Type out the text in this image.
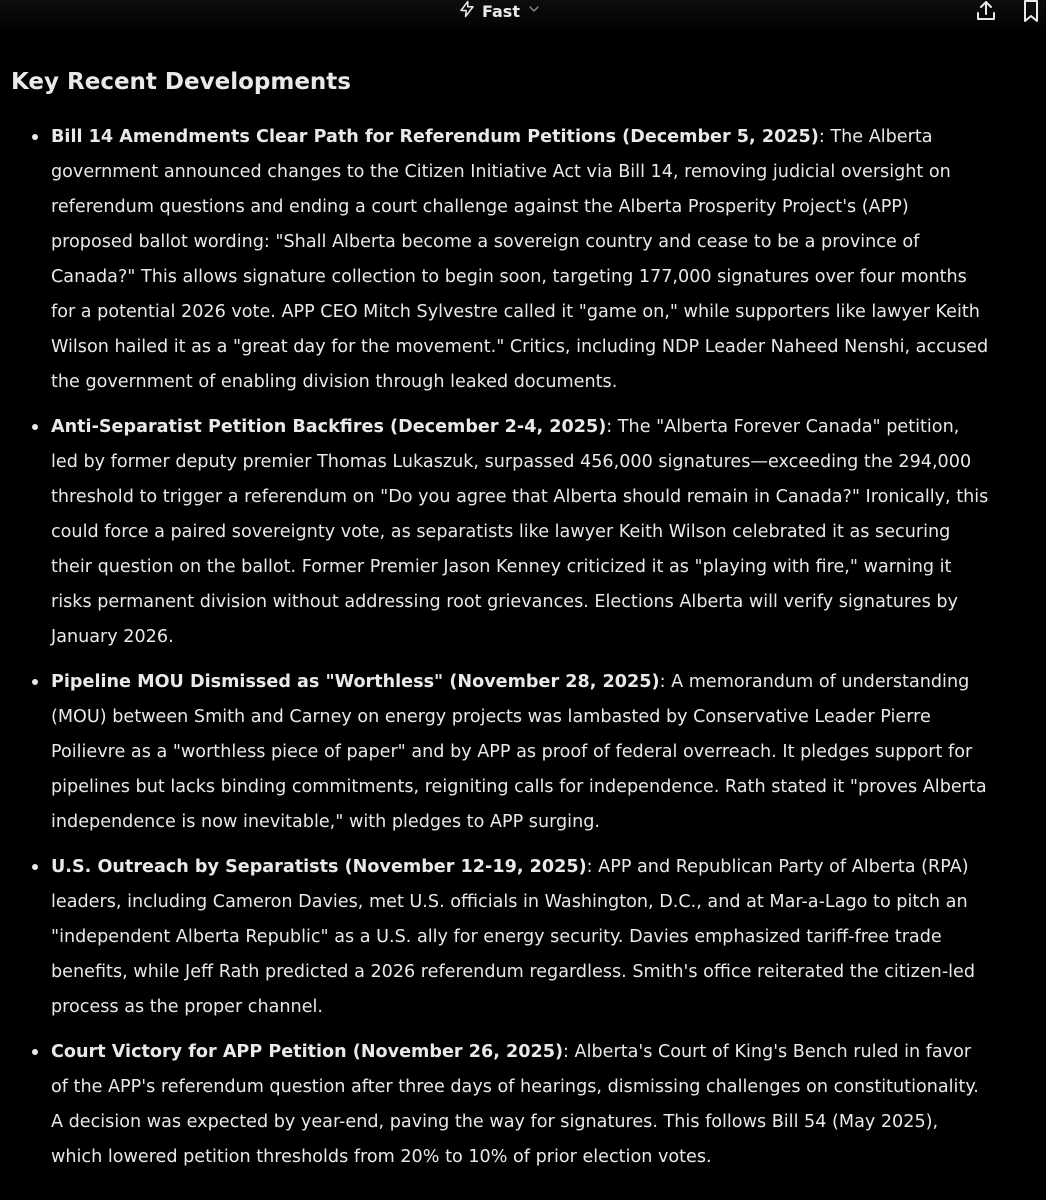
Fast
Key Recent Developments
Bill 14 Amendments Clear Path for Referendum Petitions (December 5, 2025): The Alberta government announced changes to the Citizen Initiative Act via Bill 14, removing judicial oversight on referendum questions and ending a court challenge against the Alberta Prosperity Project's (APP) proposed ballot wording: "Shall Alberta become a sovereign country and cease to be a province of Canada?" This allows signature collection to begin soon, targeting 177,000 signatures over four months for a potential 2026 vote. APP CEO Mitch Sylvestre called it "game on," while supporters like lawyer Keith Wilson hailed it as a "great day for the movement." Critics, including NDP Leader Naheed Nenshi, accused the government of enabling division through leaked documents.
Anti-Separatist Petition Backfires (December 2-4, 2025): The "Alberta Forever Canada" petition, led by former deputy premier Thomas Lukaszuk, surpassed 456,000 signatures—exceeding the 294,000 threshold to trigger a referendum on "Do you agree that Alberta should remain in Canada?" Ironically, this could force a paired sovereignty vote, as separatists like lawyer Keith Wilson celebrated it as securing their question on the ballot. Former Premier Jason Kenney criticized it as "playing with fire," warning it risks permanent division without addressing root grievances. Elections Alberta will verify signatures by January 2026.
Pipeline MOU Dismissed as "Worthless" (November 28, 2025): A memorandum of understanding (MOU) between Smith and Carney on energy projects was lambasted by Conservative Leader Pierre Poilievre as a "worthless piece of paper" and by APP as proof of federal overreach. It pledges support for pipelines but lacks binding commitments, reigniting calls for independence. Rath stated it "proves Alberta independence is now inevitable," with pledges to APP surging.
U.S. Outreach by Separatists (November 12-19, 2025): APP and Republican Party of Alberta (RPA) leaders, including Cameron Davies, met U.S. officials in Washington, D.C., and at Mar-a-Lago to pitch an "independent Alberta Republic" as a U.S. ally for energy security. Davies emphasized tariff-free trade benefits, while Jeff Rath predicted a 2026 referendum regardless. Smith's office reiterated the citizen-led process as the proper channel.
Court Victory for APP Petition (November 26, 2025): Alberta's Court of King's Bench ruled in favor of the APP's referendum question after three days of hearings, dismissing challenges on constitutionality. A decision was expected by year-end, paving the way for signatures. This follows Bill 54 (May 2025), which lowered petition thresholds from 20% to 10% of prior election votes.
